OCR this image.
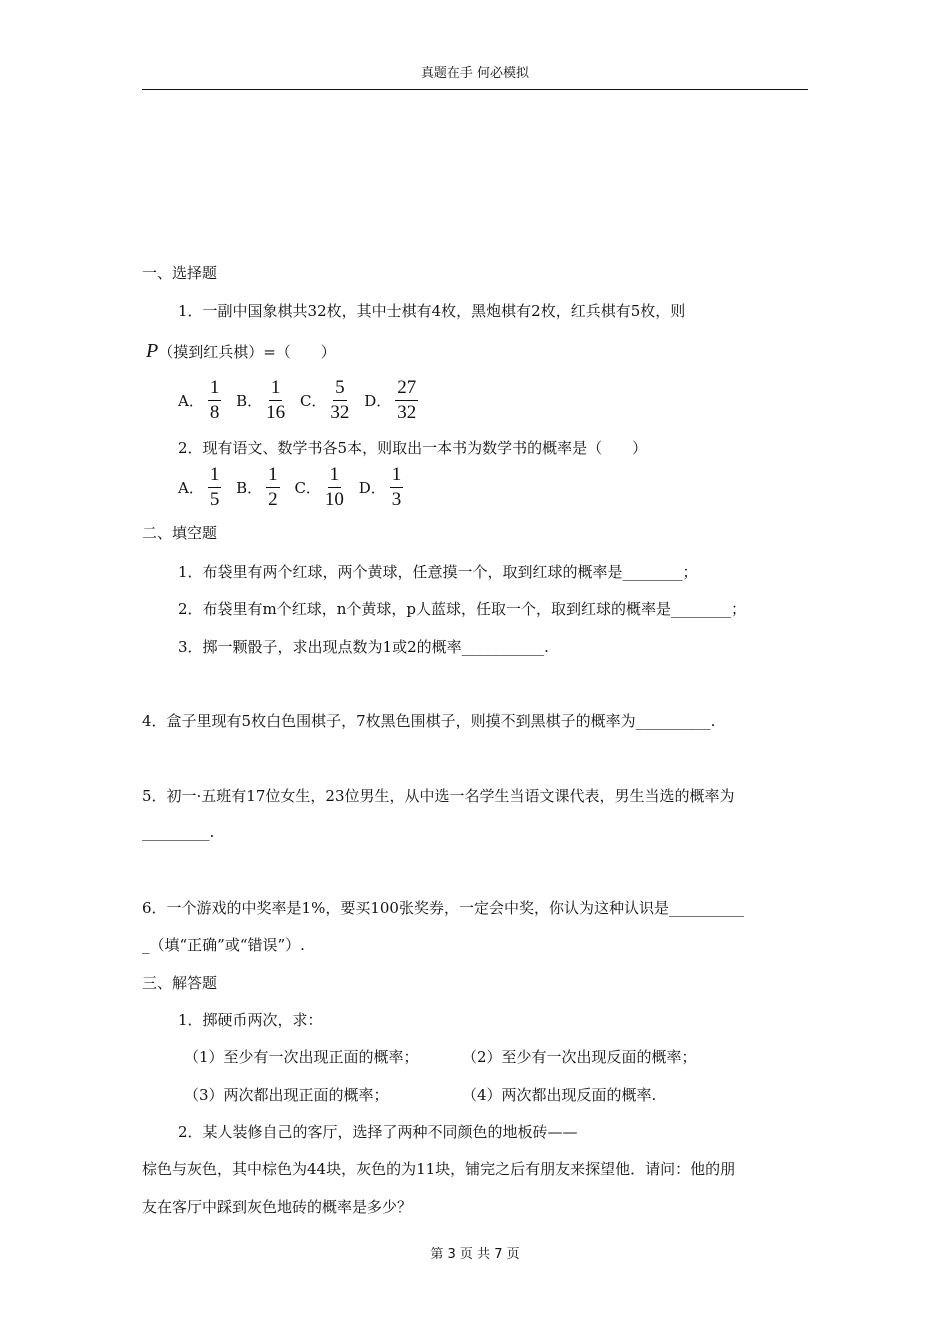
真题在手 何必模拟
一、选择题
1．一副中国象棋共32枚，其中士棋有4枚，黑炮棋有2枚，红兵棋有5枚，则
P（摸到红兵棋）=（　　）
A． $\frac{1}{8}$ B． $\frac{1}{16}$ C． $\frac{5}{32}$ D． $\frac{27}{32}$
2．现有语文、数学书各5本，则取出一本书为数学书的概率是（　　）
A． $\frac{1}{5}$ B． $\frac{1}{2}$ C． $\frac{1}{10}$ D． $\frac{1}{3}$
二、填空题
1．布袋里有两个红球，两个黄球，任意摸一个，取到红球的概率是________；
2．布袋里有m个红球，n个黄球，p人蓝球，任取一个，取到红球的概率是________；
3．掷一颗骰子，求出现点数为1或2的概率___________.
4．盒子里现有5枚白色围棋子，7枚黑色围棋子，则摸不到黑棋子的概率为__________.
5．初一·五班有17位女生，23位男生，从中选一名学生当语文课代表，男生当选的概率为
_________.
6．一个游戏的中奖率是1%，要买100张奖券，一定会中奖，你认为这种认识是__________
_（填“正确”或“错误”）.
三、解答题
1．掷硬币两次，求：
（1）至少有一次出现正面的概率；	（2）至少有一次出现反面的概率；
（3）两次都出现正面的概率；	（4）两次都出现反面的概率.
2．某人装修自己的客厅，选择了两种不同颜色的地板砖——
棕色与灰色，其中棕色为44块，灰色的为11块，铺完之后有朋友来探望他．请问：他的朋
友在客厅中踩到灰色地砖的概率是多少？
第 3 页 共 7 页
